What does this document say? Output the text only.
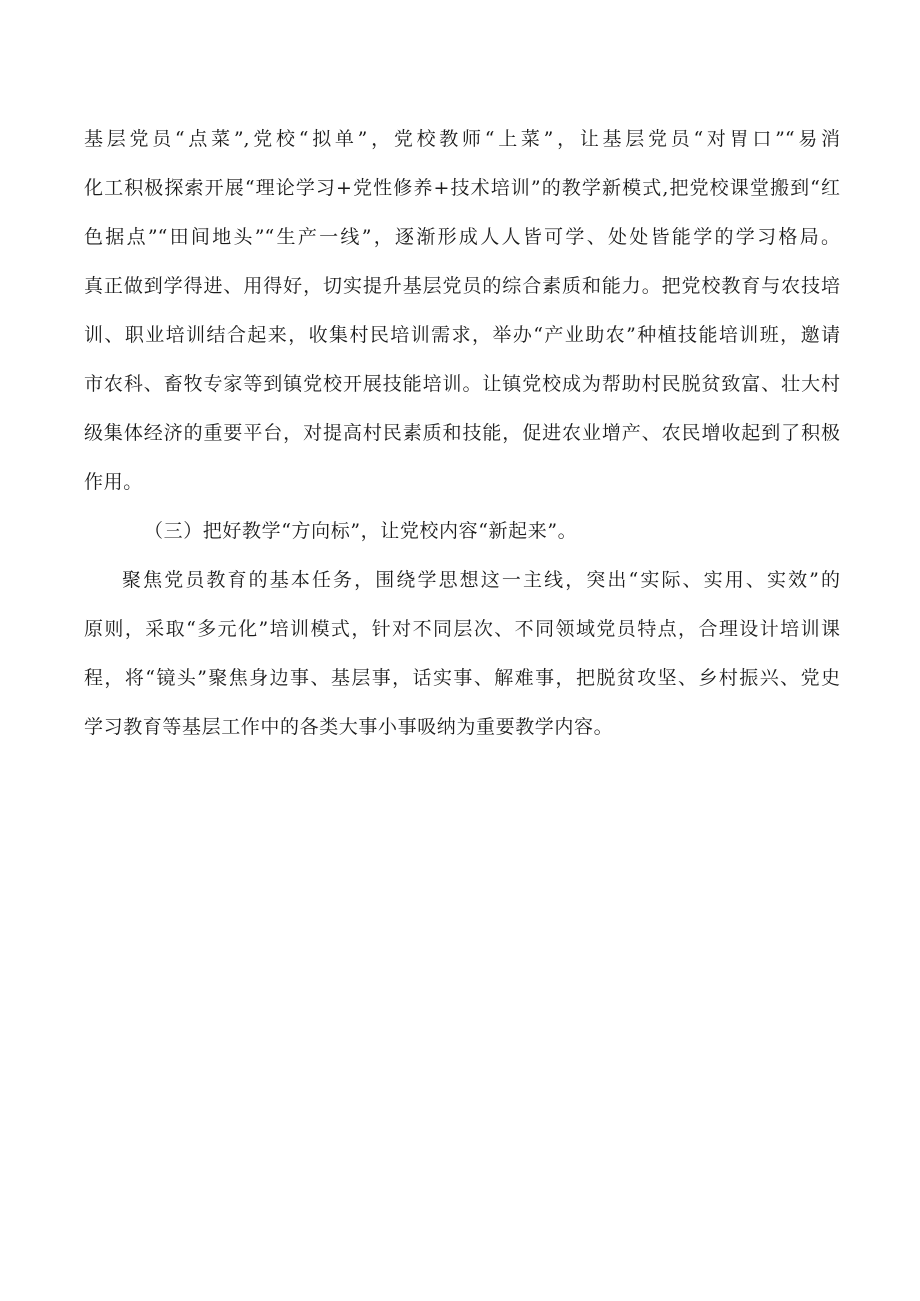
基层党员“点菜”,党校“拟单”，党校教师“上菜”，让基层党员“对胃口”“易消
化工积极探索开展“理论学习+党性修养+技术培训”的教学新模式,把党校课堂搬到“红
色据点”“田间地头”“生产一线”，逐渐形成人人皆可学、处处皆能学的学习格局。
真正做到学得进、用得好，切实提升基层党员的综合素质和能力。把党校教育与农技培
训、职业培训结合起来，收集村民培训需求，举办“产业助农”种植技能培训班，邀请
市农科、畜牧专家等到镇党校开展技能培训。让镇党校成为帮助村民脱贫致富、壮大村
级集体经济的重要平台，对提高村民素质和技能，促进农业增产、农民增收起到了积极
作用。
（三）把好教学“方向标”，让党校内容“新起来”。
聚焦党员教育的基本任务，围绕学思想这一主线，突出“实际、实用、实效”的
原则，采取“多元化”培训模式，针对不同层次、不同领域党员特点，合理设计培训课
程，将“镜头”聚焦身边事、基层事，话实事、解难事，把脱贫攻坚、乡村振兴、党史
学习教育等基层工作中的各类大事小事吸纳为重要教学内容。
